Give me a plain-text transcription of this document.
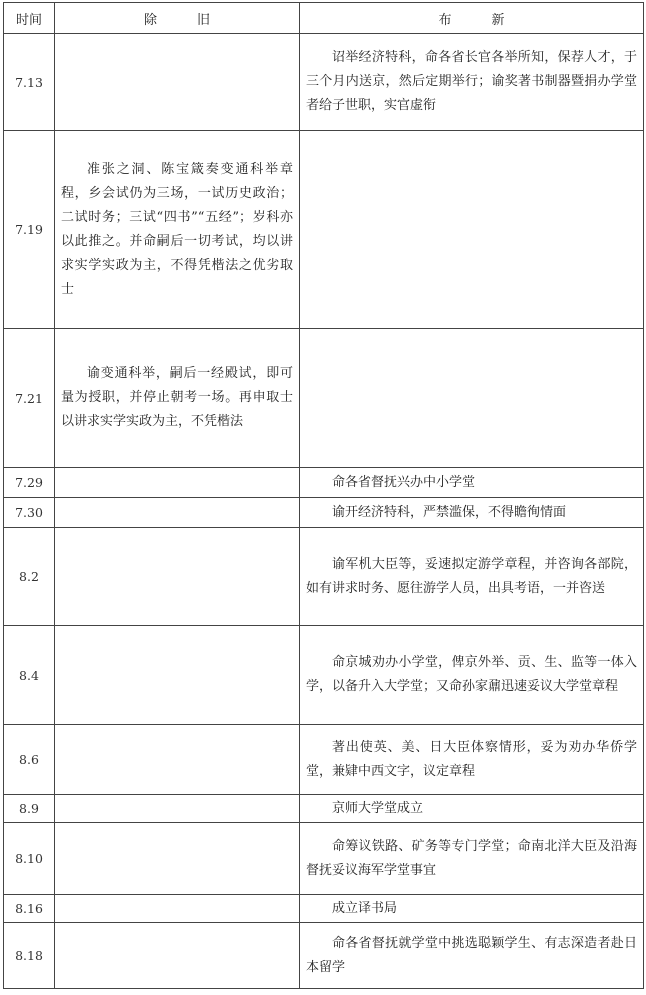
时间	除 旧	布 新
7.13		诏举经济特科，命各省长官各举所知，保荐人才，于三个月内送京，然后定期举行；谕奖著书制器暨捐办学堂者给子世职，实官虚衔

7.19	准张之洞、陈宝箴奏变通科举章程，乡会试仍为三场，一试历史政治；二试时务；三试“四书”“五经”；岁科亦以此推之。并命嗣后一切考试，均以讲求实学实政为主，不得凭楷法之优劣取士	

7.21	谕变通科举，嗣后一经殿试，即可量为授职，并停止朝考一场。再申取士以讲求实学实政为主，不凭楷法	

7.29		命各省督抚兴办中小学堂

7.30		谕开经济特科，严禁滥保，不得瞻徇情面

8.2		谕军机大臣等，妥速拟定游学章程，并咨询各部院，如有讲求时务、愿往游学人员，出具考语，一并咨送

8.4		命京城劝办小学堂，俾京外举、贡、生、监等一体入学，以备升入大学堂；又命孙家鼐迅速妥议大学堂章程

8.6		著出使英、美、日大臣体察情形，妥为劝办华侨学堂，兼肄中西文字，议定章程

8.9		京师大学堂成立

8.10		命筹议铁路、矿务等专门学堂；命南北洋大臣及沿海督抚妥议海军学堂事宜

8.16		成立译书局

8.18		命各省督抚就学堂中挑选聪颖学生、有志深造者赴日本留学
